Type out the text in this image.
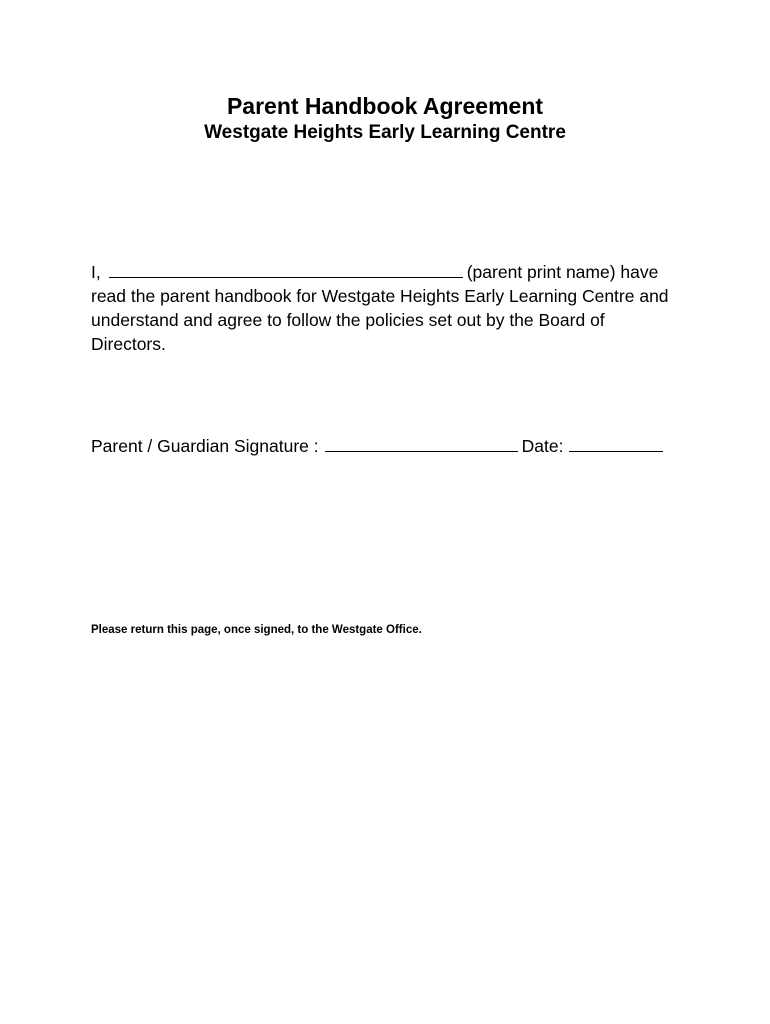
Parent Handbook Agreement
Westgate Heights Early Learning Centre
I,	(parent print name) have
read the parent handbook for Westgate Heights Early Learning Centre and
understand and agree to follow the policies set out by the Board of
Directors.
Parent / Guardian Signature :	Date:
Please return this page, once signed, to the Westgate Office.
